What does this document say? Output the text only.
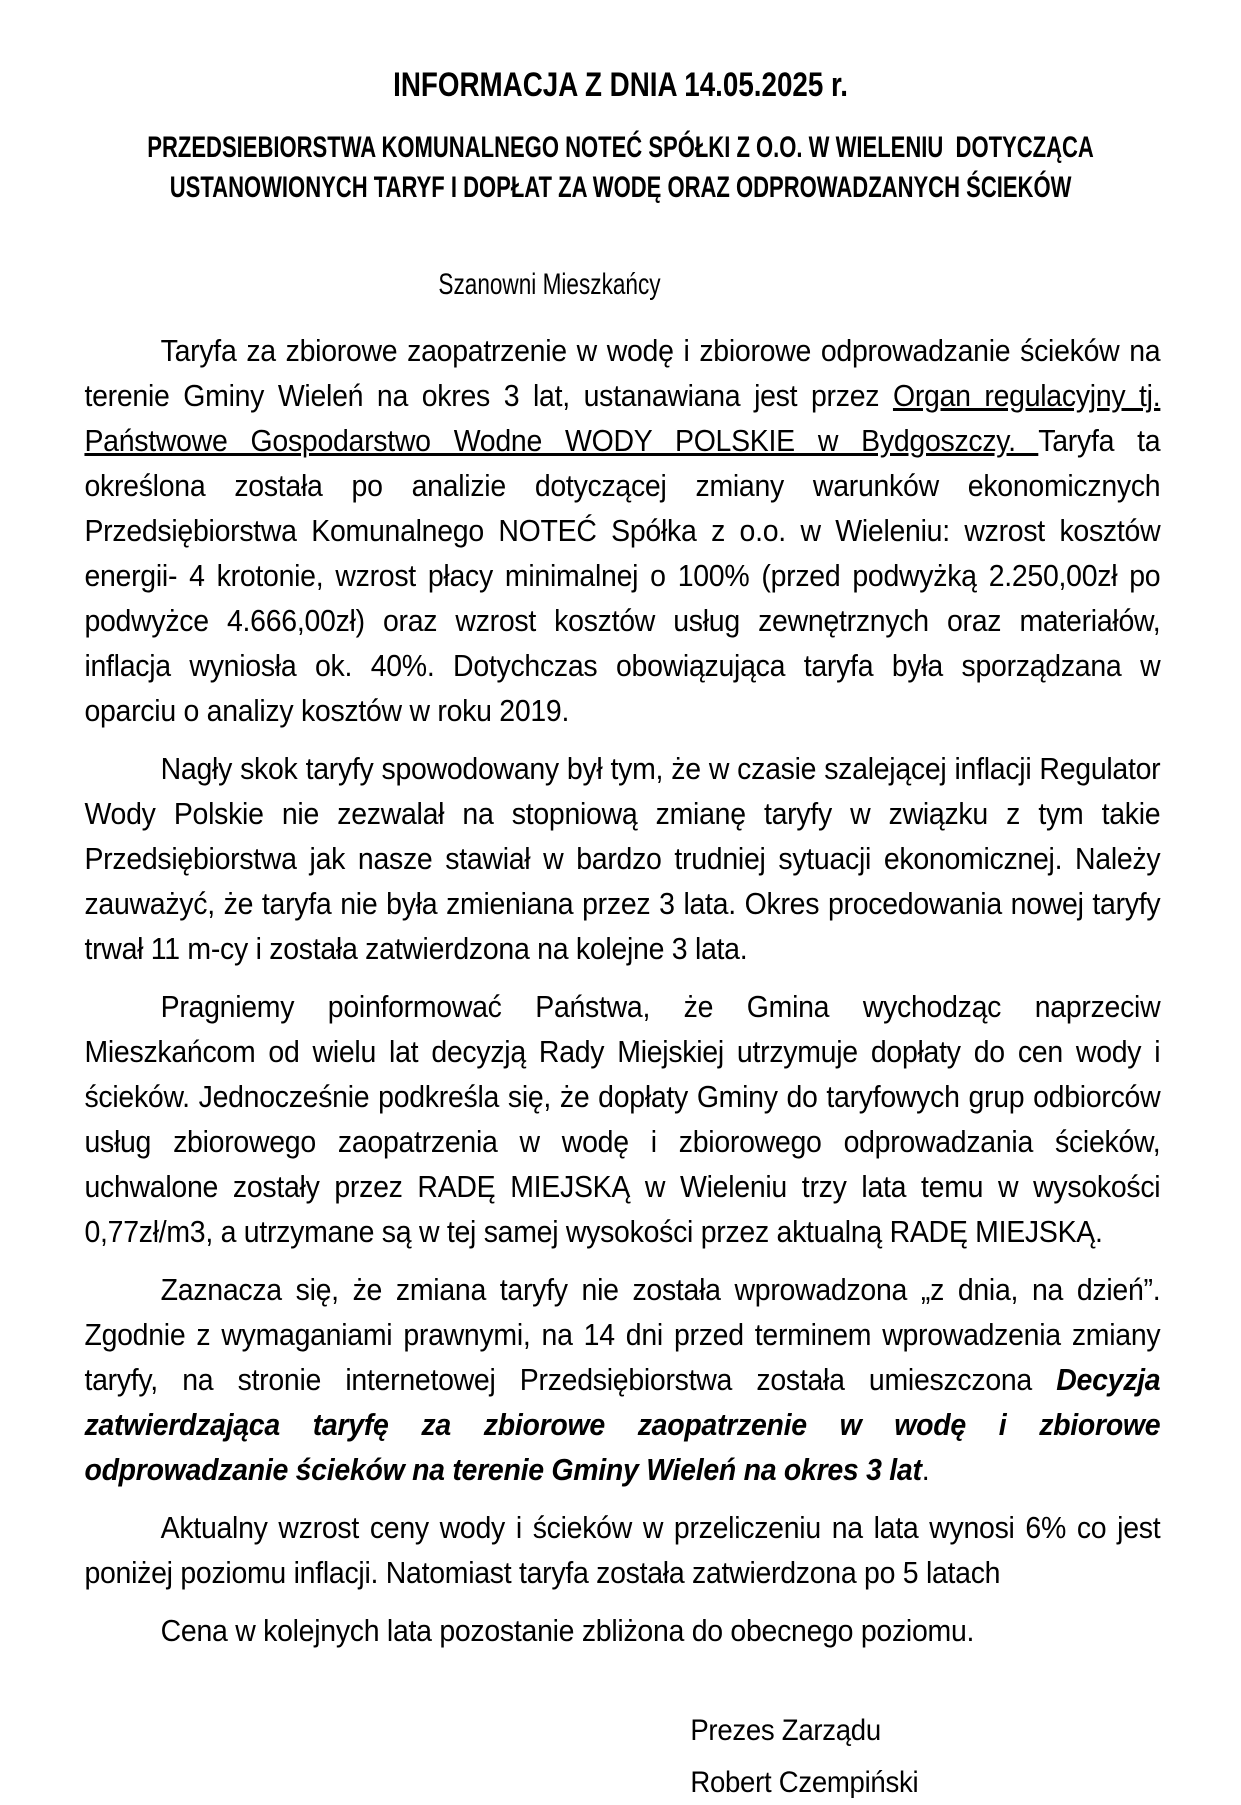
INFORMACJA Z DNIA 14.05.2025 r.
PRZEDSIEBIORSTWA KOMUNALNEGO NOTEĆ SPÓŁKI Z O.O. W WIELENIU  DOTYCZĄCA
USTANOWIONYCH TARYF I DOPŁAT ZA WODĘ ORAZ ODPROWADZANYCH ŚCIEKÓW
Szanowni Mieszkańcy

Taryfa za zbiorowe zaopatrzenie w wodę i zbiorowe odprowadzanie ścieków na terenie Gminy Wieleń na okres 3 lat, ustanawiana jest przez Organ regulacyjny tj. Państwowe Gospodarstwo Wodne WODY POLSKIE w Bydgoszczy. Taryfa ta określona została po analizie dotyczącej zmiany warunków ekonomicznych Przedsiębiorstwa Komunalnego NOTEĆ Spółka z o.o. w Wieleniu: wzrost kosztów energii- 4 krotonie, wzrost płacy minimalnej o 100% (przed podwyżką 2.250,00zł po podwyżce 4.666,00zł) oraz wzrost kosztów usług zewnętrznych oraz materiałów, inflacja wyniosła ok. 40%. Dotychczas obowiązująca taryfa była sporządzana w oparciu o analizy kosztów w roku 2019.

Nagły skok taryfy spowodowany był tym, że w czasie szalejącej inflacji Regulator Wody Polskie nie zezwalał na stopniową zmianę taryfy w związku z tym takie Przedsiębiorstwa jak nasze stawiał w bardzo trudniej sytuacji ekonomicznej. Należy zauważyć, że taryfa nie była zmieniana przez 3 lata. Okres procedowania nowej taryfy trwał 11 m-cy i została zatwierdzona na kolejne 3 lata.

Pragniemy poinformować Państwa, że Gmina wychodząc naprzeciw Mieszkańcom od wielu lat decyzją Rady Miejskiej utrzymuje dopłaty do cen wody i ścieków. Jednocześnie podkreśla się, że dopłaty Gminy do taryfowych grup odbiorców usług zbiorowego zaopatrzenia w wodę i zbiorowego odprowadzania ścieków, uchwalone zostały przez RADĘ MIEJSKĄ w Wieleniu trzy lata temu w wysokości 0,77zł/m3, a utrzymane są w tej samej wysokości przez aktualną RADĘ MIEJSKĄ.

Zaznacza się, że zmiana taryfy nie została wprowadzona „z dnia, na dzień”. Zgodnie z wymaganiami prawnymi, na 14 dni przed terminem wprowadzenia zmiany taryfy, na stronie internetowej Przedsiębiorstwa została umieszczona Decyzja zatwierdzająca taryfę za zbiorowe zaopatrzenie w wodę i zbiorowe odprowadzanie ścieków na terenie Gminy Wieleń na okres 3 lat.

Aktualny wzrost ceny wody i ścieków w przeliczeniu na lata wynosi 6% co jest poniżej poziomu inflacji. Natomiast taryfa została zatwierdzona po 5 latach

Cena w kolejnych lata pozostanie zbliżona do obecnego poziomu.

Prezes Zarządu

Robert Czempiński
